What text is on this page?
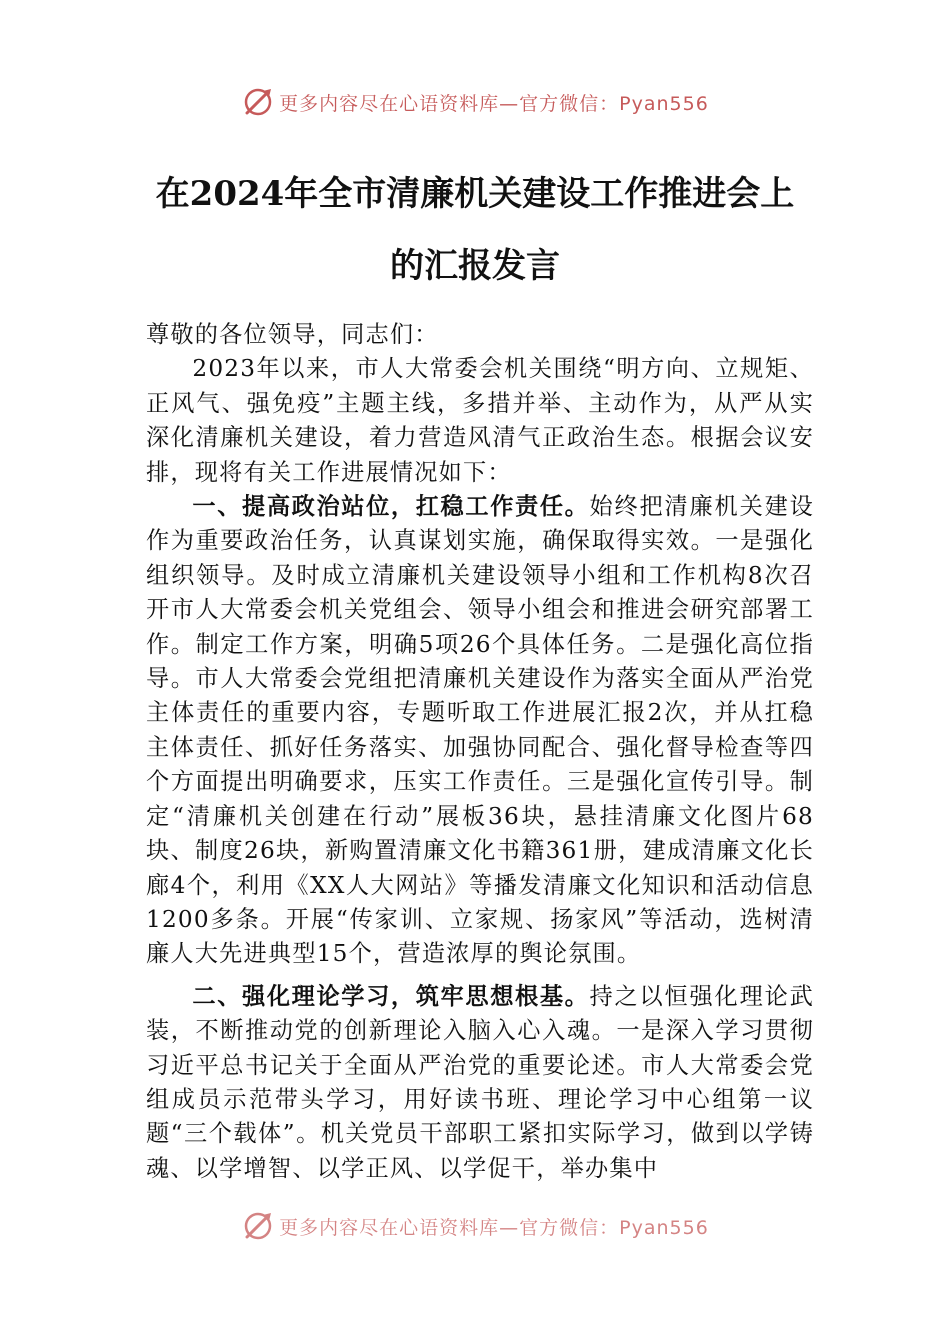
更多内容尽在心语资料库—官方微信：Pyan556
在2024年全市清廉机关建设工作推进会上
的汇报发言

尊敬的各位领导，同志们：

2023年以来，市人大常委会机关围绕“明方向、立规矩、正风气、强免疫”主题主线，多措并举、主动作为，从严从实深化清廉机关建设，着力营造风清气正政治生态。根据会议安排，现将有关工作进展情况如下：

一、提高政治站位，扛稳工作责任。始终把清廉机关建设作为重要政治任务，认真谋划实施，确保取得实效。一是强化组织领导。及时成立清廉机关建设领导小组和工作机构8次召开市人大常委会机关党组会、领导小组会和推进会研究部署工作。制定工作方案，明确5项26个具体任务。二是强化高位指导。市人大常委会党组把清廉机关建设作为落实全面从严治党主体责任的重要内容，专题听取工作进展汇报2次，并从扛稳主体责任、抓好任务落实、加强协同配合、强化督导检查等四个方面提出明确要求，压实工作责任。三是强化宣传引导。制定“清廉机关创建在行动”展板36块，悬挂清廉文化图片68块、制度26块，新购置清廉文化书籍361册，建成清廉文化长廊4个，利用《XX人大网站》等播发清廉文化知识和活动信息1200多条。开展“传家训、立家规、扬家风”等活动，选树清廉人大先进典型15个，营造浓厚的舆论氛围。

二、强化理论学习，筑牢思想根基。持之以恒强化理论武装，不断推动党的创新理论入脑入心入魂。一是深入学习贯彻习近平总书记关于全面从严治党的重要论述。市人大常委会党组成员示范带头学习，用好读书班、理论学习中心组第一议题“三个载体”。机关党员干部职工紧扣实际学习，做到以学铸魂、以学增智、以学正风、以学促干，举办集中

更多内容尽在心语资料库—官方微信：Pyan556
